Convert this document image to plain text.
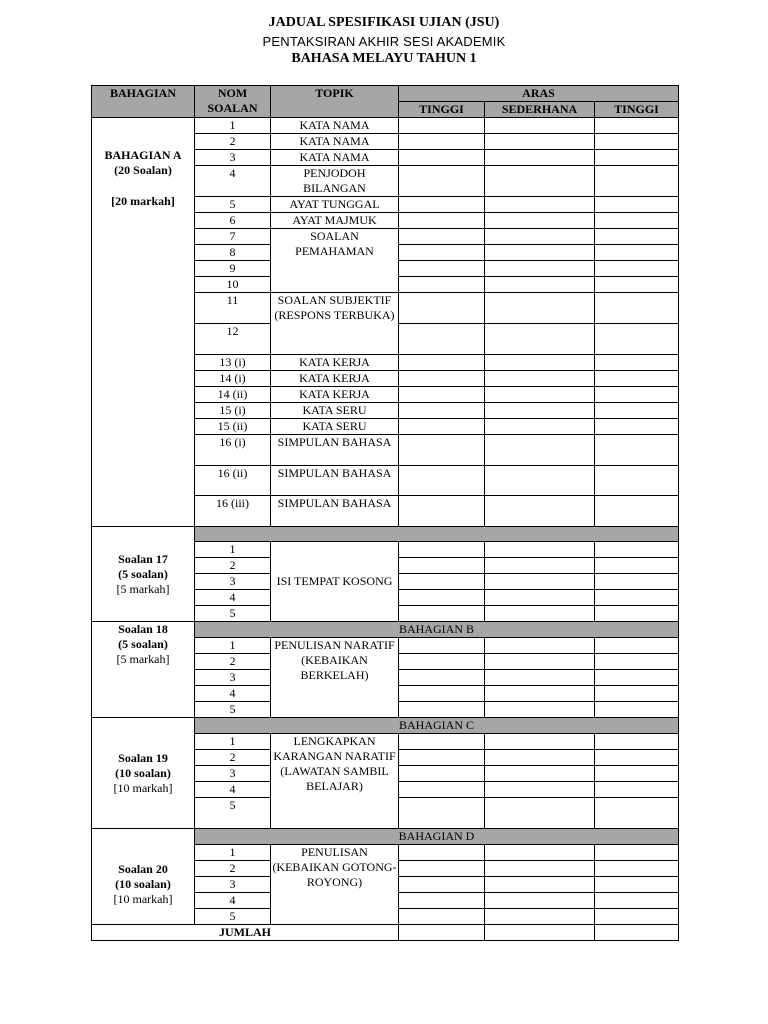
JADUAL SPESIFIKASI UJIAN (JSU)
PENTAKSIRAN AKHIR SESI AKADEMIK
BAHASA MELAYU TAHUN 1
BAHAGIAN	NOM
SOALAN	TOPIK	ARAS		
			TINGGI	SEDERHANA	TINGGI

BAHAGIAN A
(20 Soalan)
[20 markah]	1	KATA NAMA			
	2	KATA NAMA			
	3	KATA NAMA			
	4	PENJODOH BILANGAN			
	5	AYAT TUNGGAL			
	6	AYAT MAJMUK			
	7	SOALAN PEMAHAMAN			
	8				
	9				
	10				
	11	SOALAN SUBJEKTIF (RESPONS TERBUKA)			
	12				
	13 (i)	KATA KERJA			
	14 (i)	KATA KERJA			
	14 (ii)	KATA KERJA			
	15 (i)	KATA SERU			
	15 (ii)	KATA SERU			
	16 (i)	SIMPULAN BAHASA			
	16 (ii)	SIMPULAN BAHASA			
	16 (iii)	SIMPULAN BAHASA			

Soalan 17
(5 soalan)
[5 markah]					

	1	ISI TEMPAT KOSONG			
	2				
	3				
	4				
	5				

Soalan 18
(5 soalan)
[5 markah]	BAHAGIAN B				
	1	PENULISAN NARATIF (KEBAIKAN BERKELAH)			
	2				
	3				
	4				
	5				

Soalan 19
(10 soalan)
[10 markah]	BAHAGIAN C				
	1	LENGKAPKAN KARANGAN NARATIF (LAWATAN SAMBIL BELAJAR)			
	2				
	3				
	4				
	5				

Soalan 20
(10 soalan)
[10 markah]	BAHAGIAN D				
	1	PENULISAN (KEBAIKAN GOTONG-ROYONG)			
	2				
	3				
	4				
	5				
JUMLAH					
